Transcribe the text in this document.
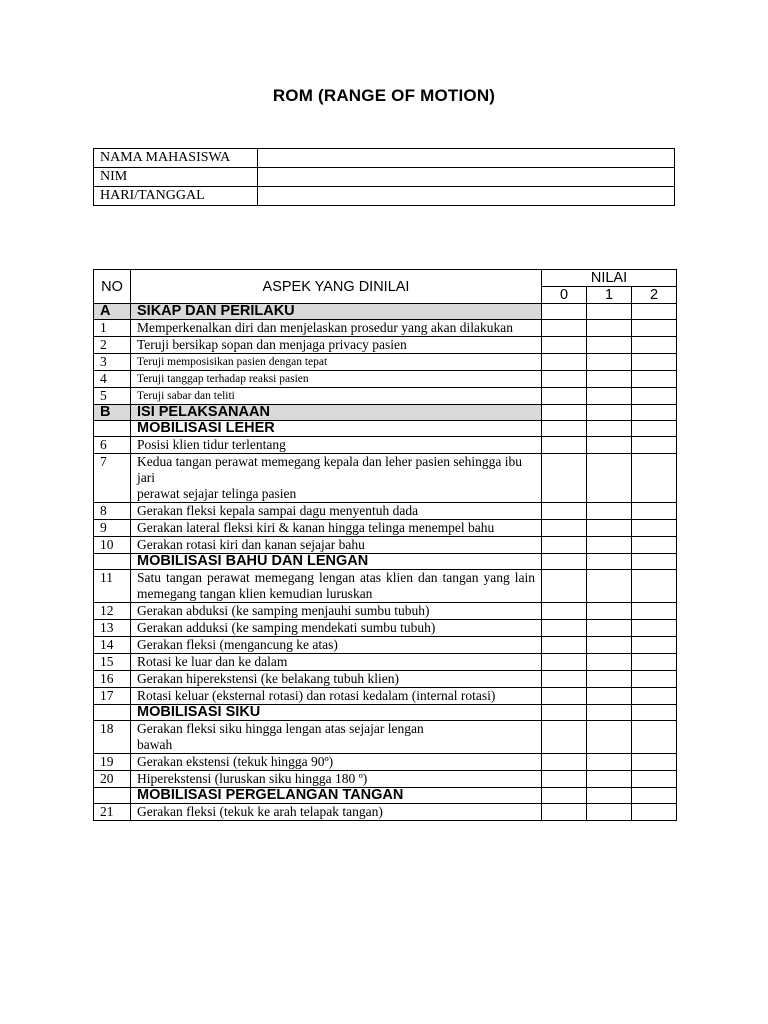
ROM (RANGE OF MOTION)
NAMA MAHASISWA	
NIM	
HARI/TANGGAL	
NO	ASPEK YANG DINILAI	NILAI		
		0	1	2
A	SIKAP DAN PERILAKU			
1	Memperkenalkan diri dan menjelaskan prosedur yang akan dilakukan			
2	Teruji bersikap sopan dan menjaga privacy pasien			
3	Teruji memposisikan pasien dengan tepat			
4	Teruji tanggap terhadap reaksi pasien			
5	Teruji sabar dan teliti			
B	ISI PELAKSANAAN			
	MOBILISASI LEHER			
6	Posisi klien tidur terlentang			
7	Kedua tangan perawat memegang kepala dan leher pasien sehingga ibu jari
perawat sejajar telinga pasien			
8	Gerakan fleksi kepala sampai dagu menyentuh dada			
9	Gerakan lateral fleksi kiri & kanan hingga telinga menempel bahu			
10	Gerakan rotasi kiri dan kanan sejajar bahu			
	MOBILISASI BAHU DAN LENGAN			
11	Satu tangan perawat memegang lengan atas klien dan tangan yang lain memegang tangan klien kemudian luruskan			
12	Gerakan abduksi (ke samping menjauhi sumbu tubuh)			
13	Gerakan adduksi (ke samping mendekati sumbu tubuh)			
14	Gerakan fleksi (mengancung ke atas)			
15	Rotasi ke luar dan ke dalam			
16	Gerakan hiperekstensi (ke belakang tubuh klien)			
17	Rotasi keluar (eksternal rotasi) dan rotasi kedalam (internal rotasi)			
	MOBILISASI SIKU			
18	Gerakan fleksi siku hingga lengan atas sejajar lengan
bawah			
19	Gerakan ekstensi (tekuk hingga 90º)			
20	Hiperekstensi (luruskan siku hingga 180 º)			
	MOBILISASI PERGELANGAN TANGAN			
21	Gerakan fleksi (tekuk ke arah telapak tangan)			
